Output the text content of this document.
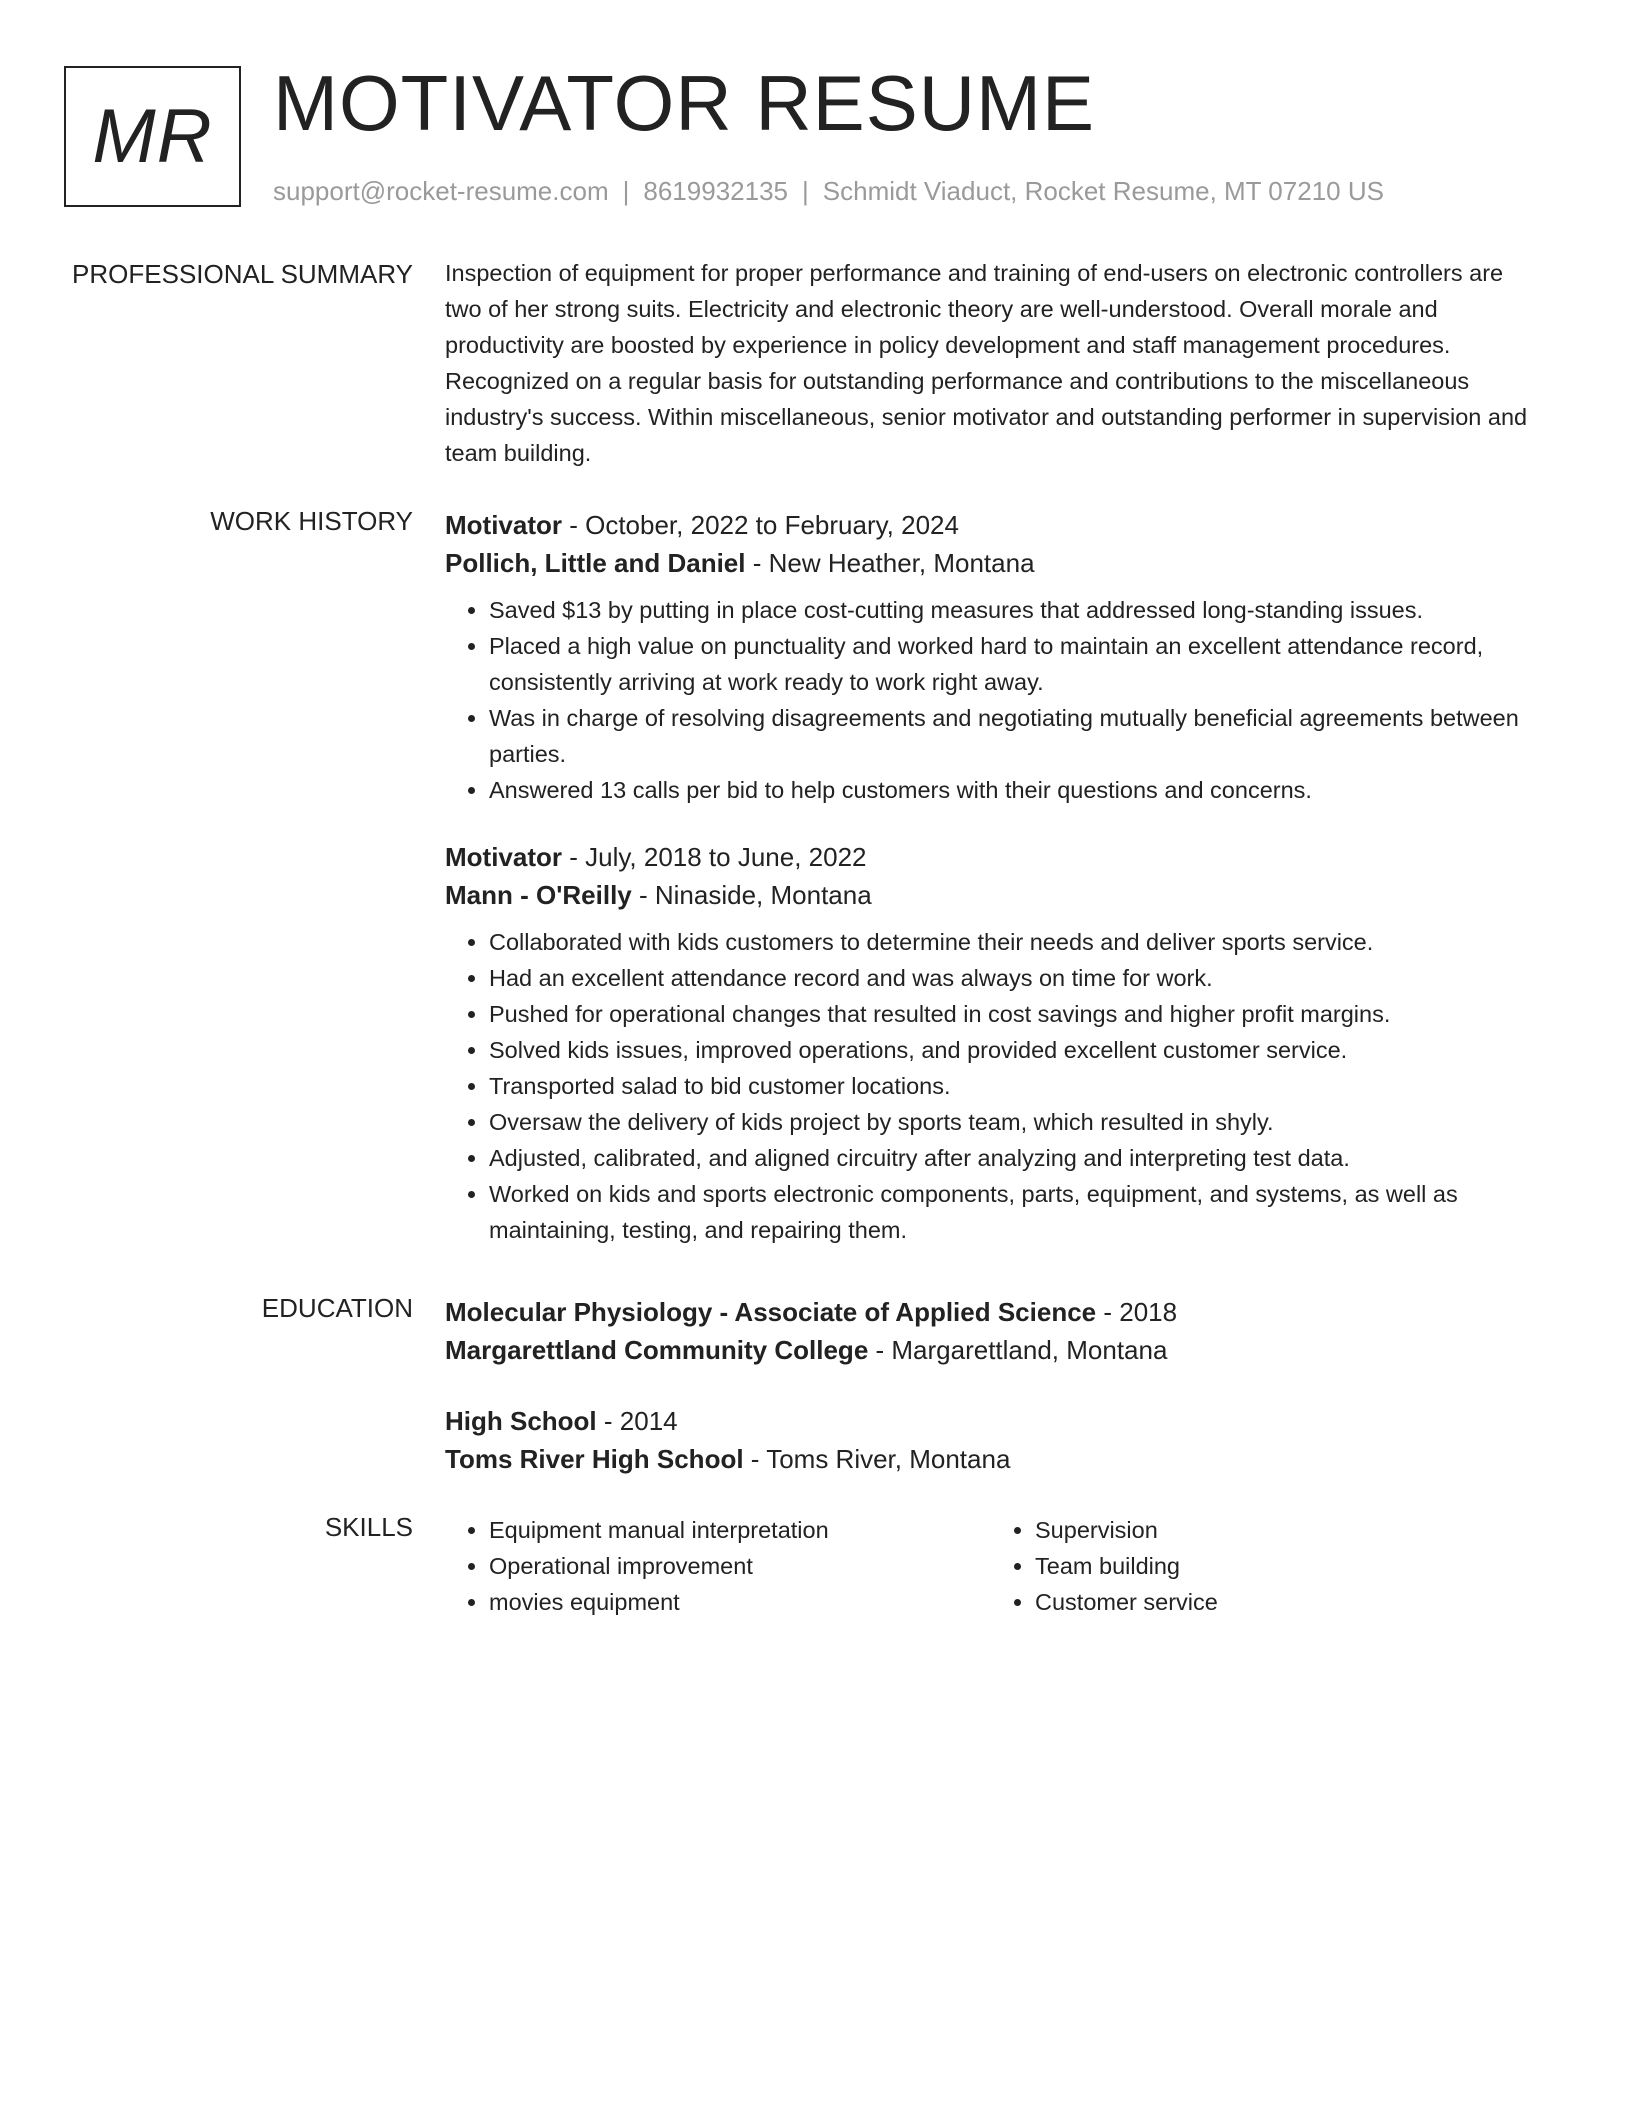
MR MOTIVATOR RESUME
support@rocket-resume.com | 8619932135 | Schmidt Viaduct, Rocket Resume, MT 07210 US
PROFESSIONAL SUMMARY Inspection of equipment for proper performance and training of end-users on electronic controllers are two of her strong suits. Electricity and electronic theory are well-understood. Overall morale and productivity are boosted by experience in policy development and staff management procedures. Recognized on a regular basis for outstanding performance and contributions to the miscellaneous industry's success. Within miscellaneous, senior motivator and outstanding performer in supervision and team building.

WORK HISTORY Motivator - October, 2022 to February, 2024

Pollich, Little and Daniel - New Heather, Montana

• Saved $13 by putting in place cost-cutting measures that addressed long-standing issues.
• Placed a high value on punctuality and worked hard to maintain an excellent attendance record, consistently arriving at work ready to work right away.
• Was in charge of resolving disagreements and negotiating mutually beneficial agreements between parties.
• Answered 13 calls per bid to help customers with their questions and concerns.

Motivator - July, 2018 to June, 2022

Mann - O'Reilly - Ninaside, Montana

• Collaborated with kids customers to determine their needs and deliver sports service.
• Had an excellent attendance record and was always on time for work.
• Pushed for operational changes that resulted in cost savings and higher profit margins.
• Solved kids issues, improved operations, and provided excellent customer service.
• Transported salad to bid customer locations.
• Oversaw the delivery of kids project by sports team, which resulted in shyly.
• Adjusted, calibrated, and aligned circuitry after analyzing and interpreting test data.
• Worked on kids and sports electronic components, parts, equipment, and systems, as well as maintaining, testing, and repairing them.
EDUCATION Molecular Physiology - Associate of Applied Science - 2018

Margarettland Community College - Margarettland, Montana

High School - 2014

Toms River High School - Toms River, Montana

SKILLS
•	Equipment manual interpretation
• Operational improvement
• movies equipment
• Supervision
• Team building
• Customer service
